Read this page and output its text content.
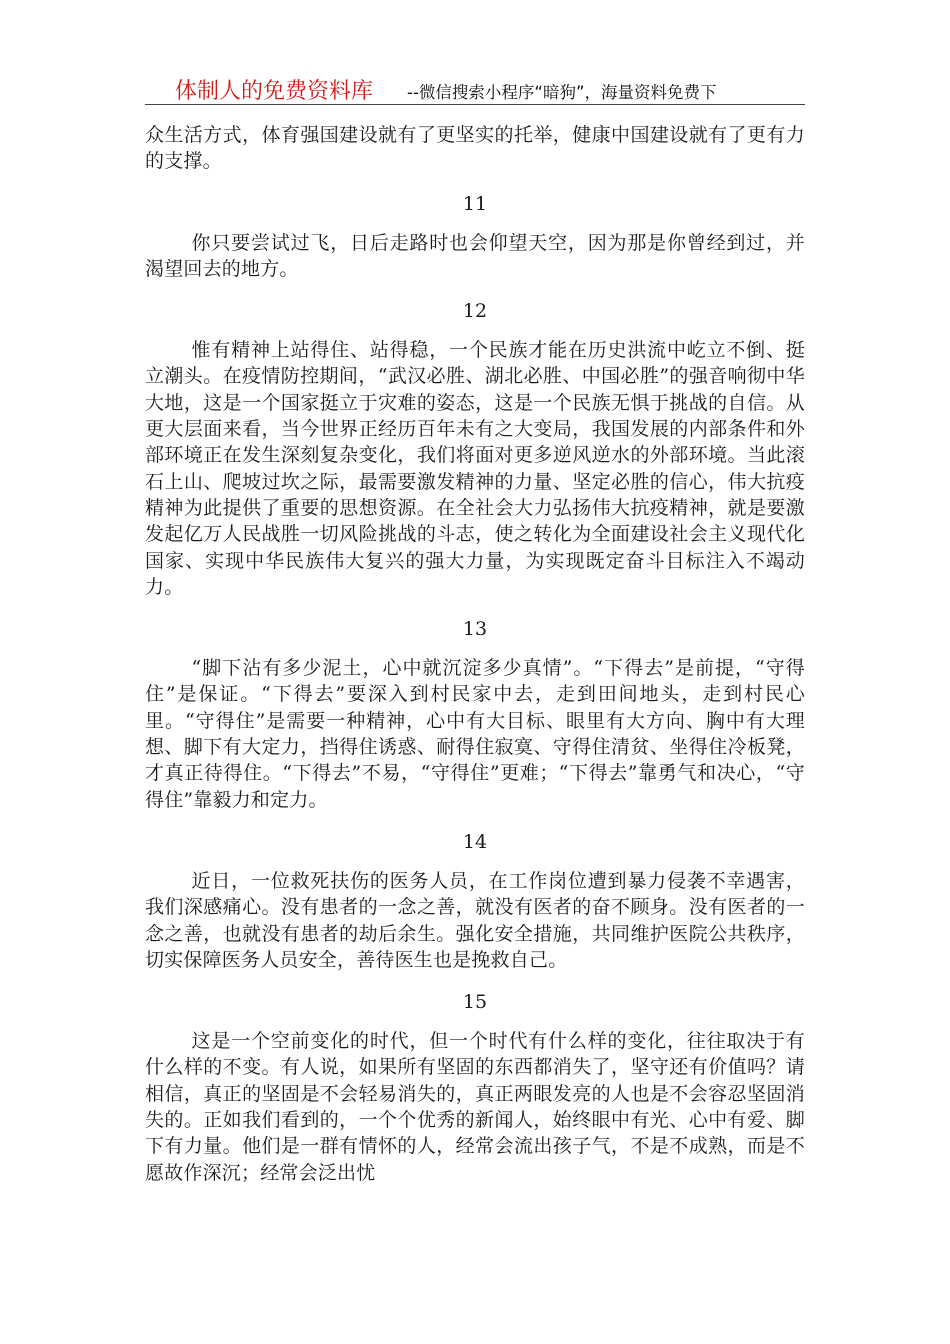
体制人的免费资料库 --微信搜索小程序“暗狗”，海量资料免费下

众生活方式，体育强国建设就有了更坚实的托举，健康中国建设就有了更有力的支撑。

11

你只要尝试过飞，日后走路时也会仰望天空，因为那是你曾经到过，并渴望回去的地方。

12

惟有精神上站得住、站得稳，一个民族才能在历史洪流中屹立不倒、挺立潮头。在疫情防控期间，“武汉必胜、湖北必胜、中国必胜”的强音响彻中华大地，这是一个国家挺立于灾难的姿态，这是一个民族无惧于挑战的自信。从更大层面来看，当今世界正经历百年未有之大变局，我国发展的内部条件和外部环境正在发生深刻复杂变化，我们将面对更多逆风逆水的外部环境。当此滚石上山、爬坡过坎之际，最需要激发精神的力量、坚定必胜的信心，伟大抗疫精神为此提供了重要的思想资源。在全社会大力弘扬伟大抗疫精神，就是要激发起亿万人民战胜一切风险挑战的斗志，使之转化为全面建设社会主义现代化国家、实现中华民族伟大复兴的强大力量，为实现既定奋斗目标注入不竭动力。

13

“脚下沾有多少泥土，心中就沉淀多少真情”。“下得去”是前提，“守得住”是保证。“下得去”要深入到村民家中去，走到田间地头，走到村民心里。“守得住”是需要一种精神，心中有大目标、眼里有大方向、胸中有大理想、脚下有大定力，挡得住诱惑、耐得住寂寞、守得住清贫、坐得住冷板凳，才真正待得住。“下得去”不易，“守得住”更难；“下得去”靠勇气和决心，“守得住”靠毅力和定力。

14

近日，一位救死扶伤的医务人员，在工作岗位遭到暴力侵袭不幸遇害，我们深感痛心。没有患者的一念之善，就没有医者的奋不顾身。没有医者的一念之善，也就没有患者的劫后余生。强化安全措施，共同维护医院公共秩序，切实保障医务人员安全，善待医生也是挽救自己。

15

这是一个空前变化的时代，但一个时代有什么样的变化，往往取决于有什么样的不变。有人说，如果所有坚固的东西都消失了，坚守还有价值吗？请相信，真正的坚固是不会轻易消失的，真正两眼发亮的人也是不会容忍坚固消失的。正如我们看到的，一个个优秀的新闻人，始终眼中有光、心中有爱、脚下有力量。他们是一群有情怀的人，经常会流出孩子气，不是不成熟，而是不愿故作深沉；经常会泛出忧
